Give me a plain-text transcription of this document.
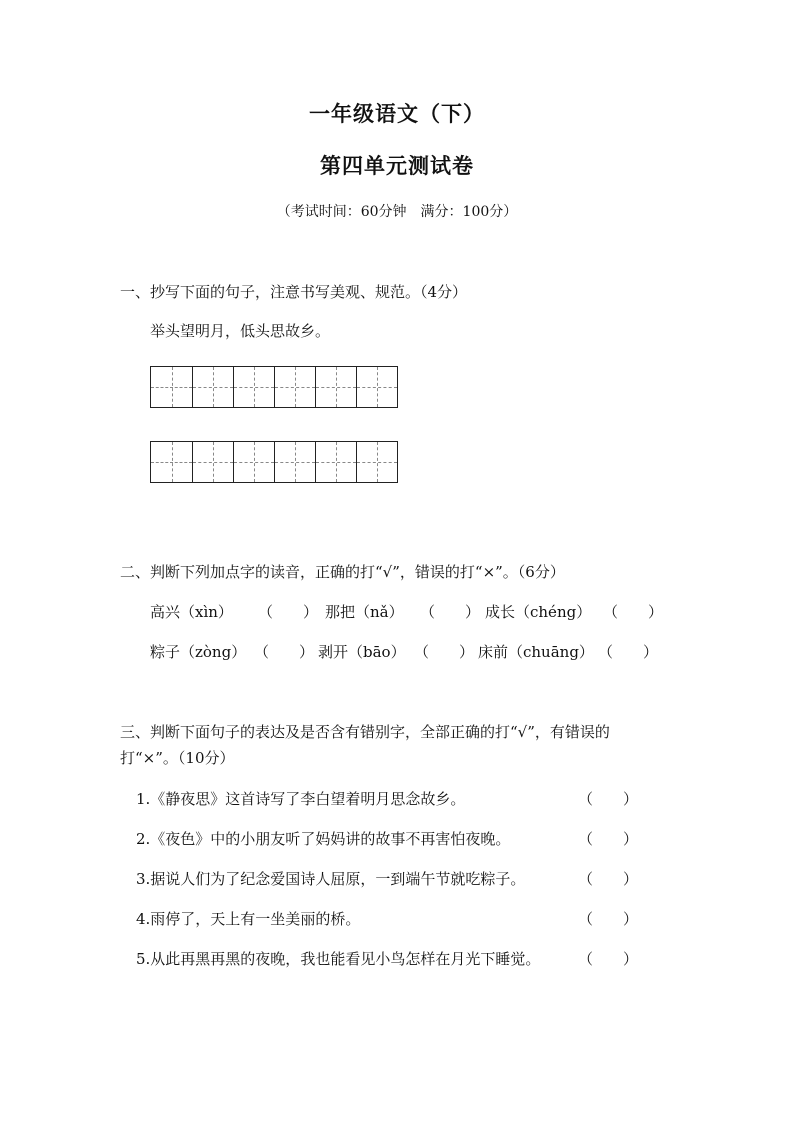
一年级语文（下）
第四单元测试卷
（考试时间：60分钟　满分：100分）
一、抄写下面的句子，注意书写美观、规范。（4分）
举头望明月，低头思故乡。
二、判断下列加点字的读音，正确的打“√”，错误的打“×”。（6分）
高兴（xìn） （　　） 那把（nǎ） （　　） 成长（chéng） （　　）
粽子（zòng） （　　） 剥开（bāo） （　　） 床前（chuāng） （　　）
三、判断下面句子的表达及是否含有错别字，全部正确的打“√”，有错误的
打“×”。（10分）
1.《静夜思》这首诗写了李白望着明月思念故乡。	（　　）
2.《夜色》中的小朋友听了妈妈讲的故事不再害怕夜晚。	（　　）
3.据说人们为了纪念爱国诗人屈原，一到端午节就吃粽子。	（　　）
4.雨停了，天上有一坐美丽的桥。	（　　）
5.从此再黑再黑的夜晚，我也能看见小鸟怎样在月光下睡觉。	（　　）
